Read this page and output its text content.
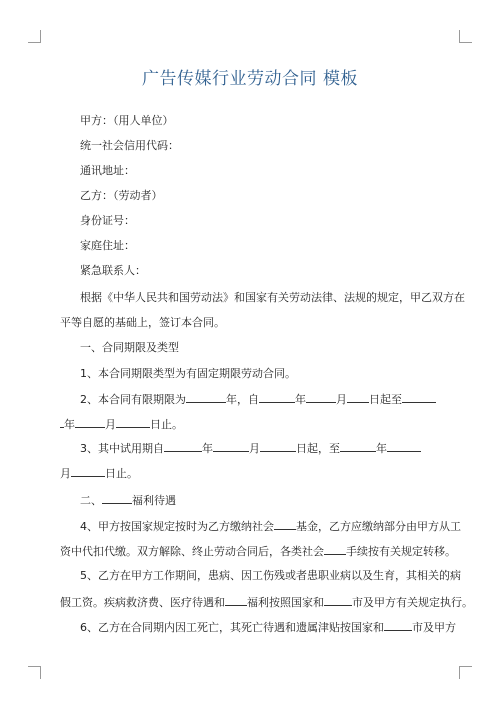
广告传媒行业劳动合同 模板
甲方：（用人单位）
统一社会信用代码：
通讯地址：
乙方：（劳动者）
身份证号：
家庭住址：
紧急联系人：
根据《中华人民共和国劳动法》和国家有关劳动法律、法规的规定，甲乙双方在
平等自愿的基础上，签订本合同。
一、合同期限及类型
1、本合同期限类型为有固定期限劳动合同。
2、本合同有限期限为	年，自	年	月 日起至
年	月	日止。
3、其中试用期自	年	月	日起，至	年
月	日止。
二、	福利待遇
4、甲方按国家规定按时为乙方缴纳社会 基金，乙方应缴纳部分由甲方从工
资中代扣代缴。双方解除、终止劳动合同后，各类社会 手续按有关规定转移。
5、乙方在甲方工作期间，患病、因工伤残或者患职业病以及生育，其相关的病
假工资。疾病救济费、医疗待遇和 福利按照国家和	市及甲方有关规定执行。
6、乙方在合同期内因工死亡，其死亡待遇和遗属津贴按国家和	市及甲方
